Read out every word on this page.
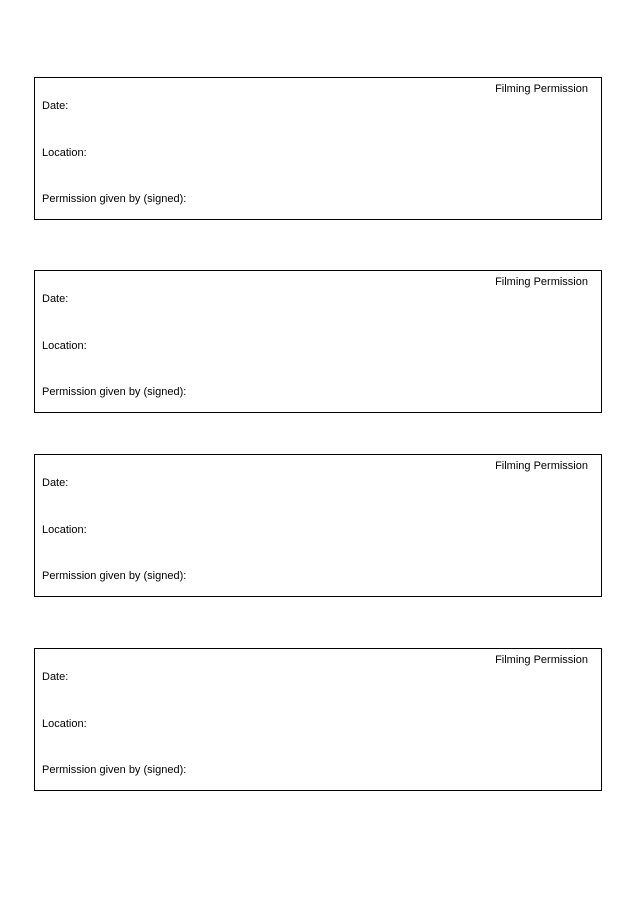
Filming Permission
Date:
Location:
Permission given by (signed):
Filming Permission
Date:
Location:
Permission given by (signed):
Filming Permission
Date:
Location:
Permission given by (signed):
Filming Permission
Date:
Location:
Permission given by (signed):
